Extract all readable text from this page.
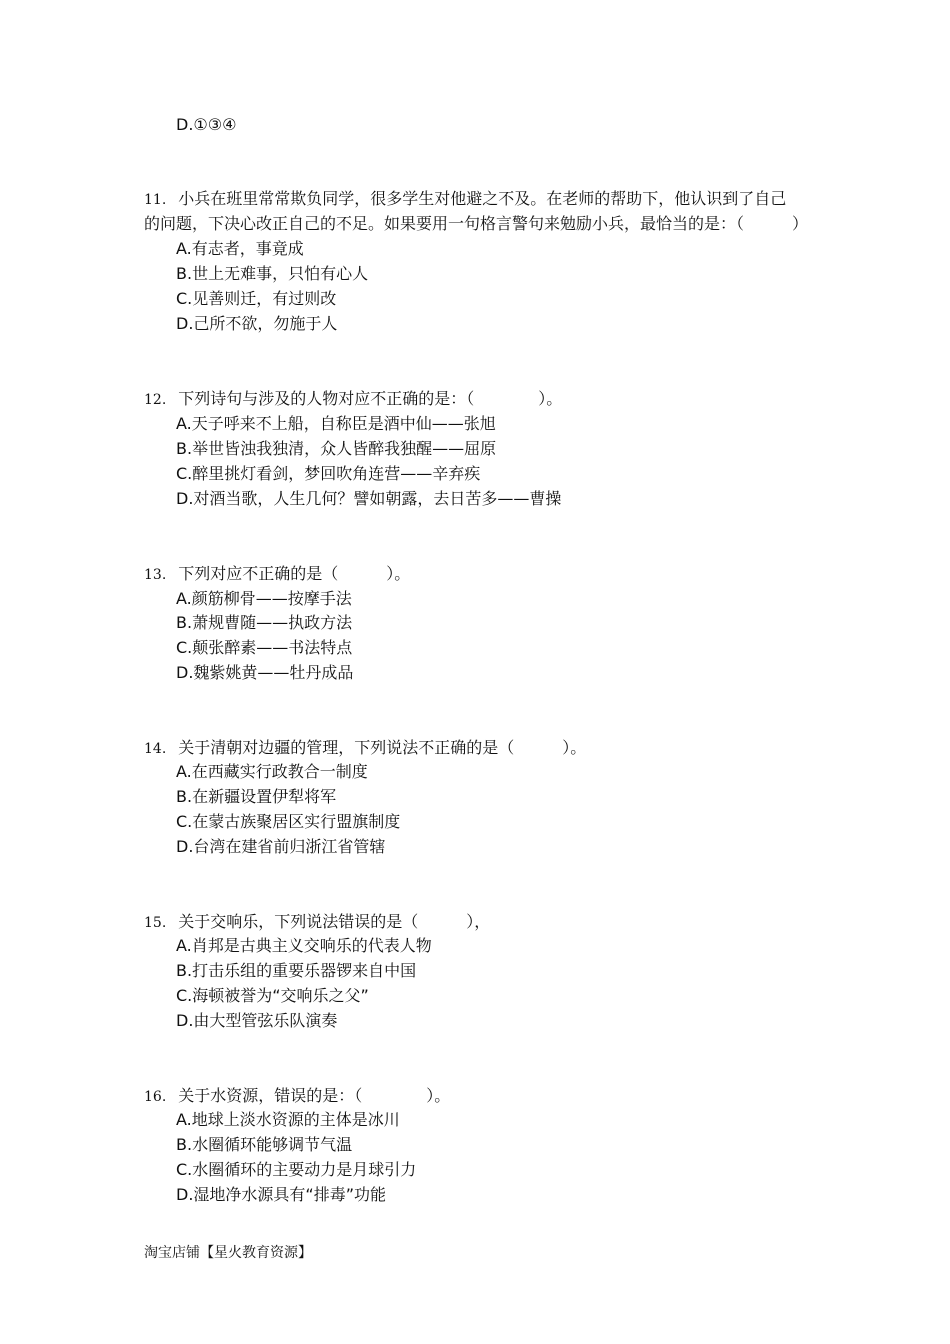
D.①③④
11. 小兵在班里常常欺负同学，很多学生对他避之不及。在老师的帮助下，他认识到了自己
的问题，下决心改正自己的不足。如果要用一句格言警句来勉励小兵，最恰当的是：（　　　）
A.有志者，事竟成
B.世上无难事，只怕有心人
C.见善则迁，有过则改
D.己所不欲，勿施于人
12. 下列诗句与涉及的人物对应不正确的是：（　　　　）。
A.天子呼来不上船，自称臣是酒中仙——张旭
B.举世皆浊我独清，众人皆醉我独醒——屈原
C.醉里挑灯看剑，梦回吹角连营——辛弃疾
D.对酒当歌，人生几何？譬如朝露，去日苦多——曹操
13. 下列对应不正确的是（　　　）。
A.颜筋柳骨——按摩手法
B.萧规曹随——执政方法
C.颠张醉素——书法特点
D.魏紫姚黄——牡丹成品
14. 关于清朝对边疆的管理，下列说法不正确的是（　　　）。
A.在西藏实行政教合一制度
B.在新疆设置伊犁将军
C.在蒙古族聚居区实行盟旗制度
D.台湾在建省前归浙江省管辖
15. 关于交响乐，下列说法错误的是（　　　），
A.肖邦是古典主义交响乐的代表人物
B.打击乐组的重要乐器锣来自中国
C.海顿被誉为“交响乐之父”
D.由大型管弦乐队演奏
16. 关于水资源，错误的是：（　　　　）。
A.地球上淡水资源的主体是冰川
B.水圈循环能够调节气温
C.水圈循环的主要动力是月球引力
D.湿地净水源具有“排毒”功能
淘宝店铺【星火教育资源】
